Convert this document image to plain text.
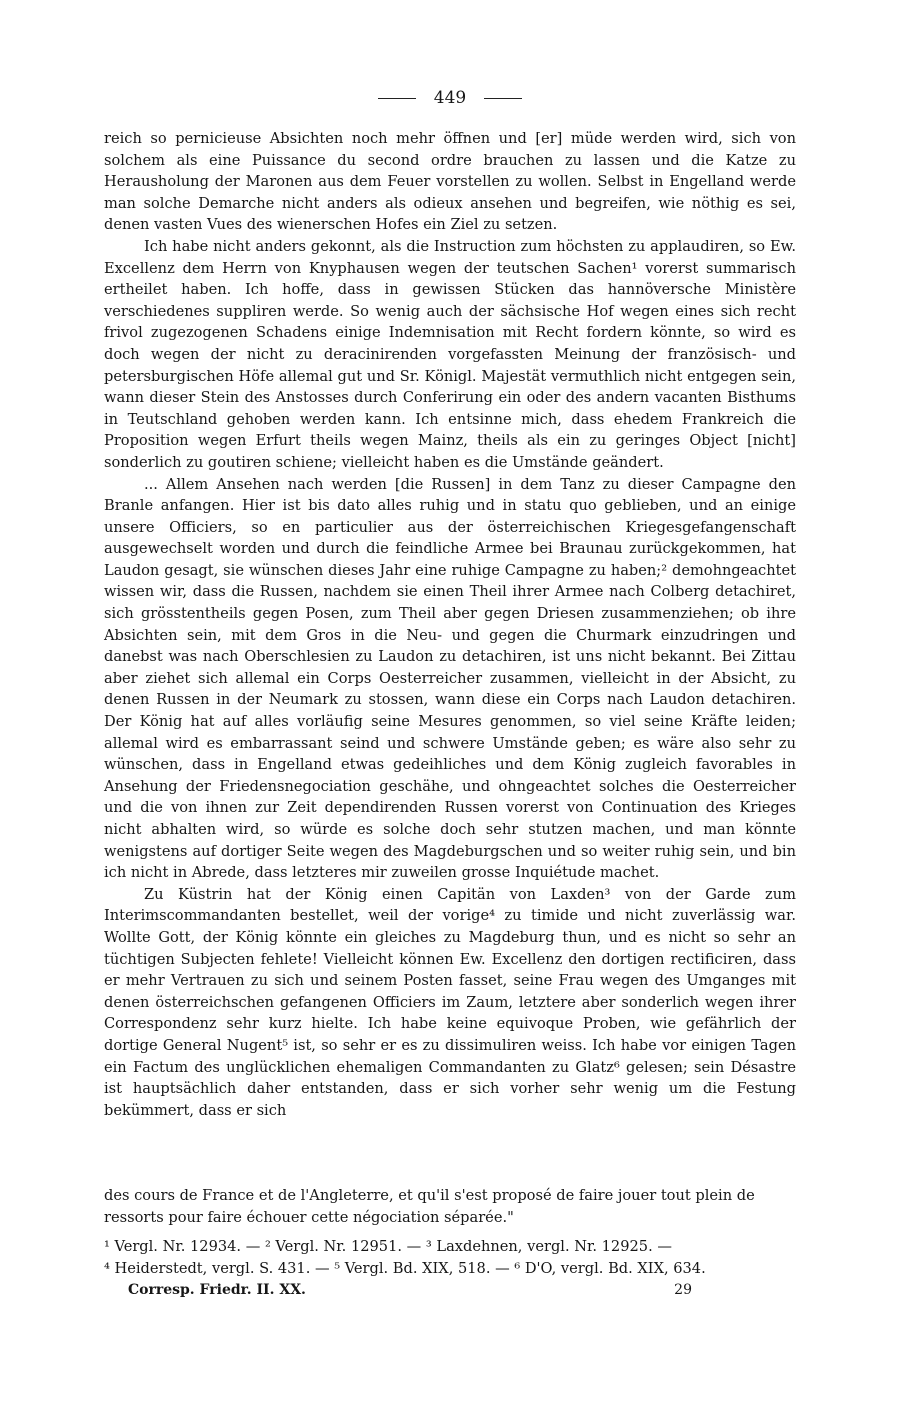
449

reich so pernicieuse Absichten noch mehr öffnen und [er] müde werden wird, sich von solchem als eine Puissance du second ordre brauchen zu lassen und die Katze zu Herausholung der Maronen aus dem Feuer vorstellen zu wollen. Selbst in Engelland werde man solche Demarche nicht anders als odieux ansehen und begreifen, wie nöthig es sei, denen vasten Vues des wienerschen Hofes ein Ziel zu setzen.

Ich habe nicht anders gekonnt, als die Instruction zum höchsten zu applaudiren, so Ew. Excellenz dem Herrn von Knyphausen wegen der teutschen Sachen¹ vorerst summarisch ertheilet haben. Ich hoffe, dass in gewissen Stücken das hannöversche Ministère verschiedenes suppliren werde. So wenig auch der sächsische Hof wegen eines sich recht frivol zugezogenen Schadens einige Indemnisation mit Recht fordern könnte, so wird es doch wegen der nicht zu deracinirenden vorgefassten Meinung der französisch- und petersburgischen Höfe allemal gut und Sr. Königl. Majestät vermuthlich nicht entgegen sein, wann dieser Stein des Anstosses durch Conferirung ein oder des andern vacanten Bisthums in Teutschland gehoben werden kann. Ich entsinne mich, dass ehedem Frankreich die Proposition wegen Erfurt theils wegen Mainz, theils als ein zu geringes Object [nicht] sonderlich zu goutiren schiene; vielleicht haben es die Umstände geändert.

... Allem Ansehen nach werden [die Russen] in dem Tanz zu dieser Campagne den Branle anfangen. Hier ist bis dato alles ruhig und in statu quo geblieben, und an einige unsere Officiers, so en particulier aus der österreichischen Kriegesgefangenschaft ausgewechselt worden und durch die feindliche Armee bei Braunau zurückgekommen, hat Laudon gesagt, sie wünschen dieses Jahr eine ruhige Campagne zu haben;² demohngeachtet wissen wir, dass die Russen, nachdem sie einen Theil ihrer Armee nach Colberg detachiret, sich grösstentheils gegen Posen, zum Theil aber gegen Driesen zusammenziehen; ob ihre Absichten sein, mit dem Gros in die Neu- und gegen die Churmark einzudringen und danebst was nach Oberschlesien zu Laudon zu detachiren, ist uns nicht bekannt. Bei Zittau aber ziehet sich allemal ein Corps Oesterreicher zusammen, vielleicht in der Absicht, zu denen Russen in der Neumark zu stossen, wann diese ein Corps nach Laudon detachiren. Der König hat auf alles vorläufig seine Mesures genommen, so viel seine Kräfte leiden; allemal wird es embarrassant seind und schwere Umstände geben; es wäre also sehr zu wünschen, dass in Engelland etwas gedeihliches und dem König zugleich favorables in Ansehung der Friedensnegociation geschähe, und ohngeachtet solches die Oesterreicher und die von ihnen zur Zeit dependirenden Russen vorerst von Continuation des Krieges nicht abhalten wird, so würde es solche doch sehr stutzen machen, und man könnte wenigstens auf dortiger Seite wegen des Magdeburgschen und so weiter ruhig sein, und bin ich nicht in Abrede, dass letzteres mir zuweilen grosse Inquiétude machet.

Zu Küstrin hat der König einen Capitän von Laxden³ von der Garde zum Interimscommandanten bestellet, weil der vorige⁴ zu timide und nicht zuverlässig war. Wollte Gott, der König könnte ein gleiches zu Magdeburg thun, und es nicht so sehr an tüchtigen Subjecten fehlete! Vielleicht können Ew. Excellenz den dortigen rectificiren, dass er mehr Vertrauen zu sich und seinem Posten fasset, seine Frau wegen des Umganges mit denen österreichschen gefangenen Officiers im Zaum, letztere aber sonderlich wegen ihrer Correspondenz sehr kurz hielte. Ich habe keine equivoque Proben, wie gefährlich der dortige General Nugent⁵ ist, so sehr er es zu dissimuliren weiss. Ich habe vor einigen Tagen ein Factum des unglücklichen ehemaligen Commandanten zu Glatz⁶ gelesen; sein Désastre ist hauptsächlich daher entstanden, dass er sich vorher sehr wenig um die Festung bekümmert, dass er sich

des cours de France et de l'Angleterre, et qu'il s'est proposé de faire jouer tout plein de ressorts pour faire échouer cette négociation séparée."

¹ Vergl. Nr. 12934. — ² Vergl. Nr. 12951. — ³ Laxdehnen, vergl. Nr. 12925. —

⁴ Heiderstedt, vergl. S. 431. — ⁵ Vergl. Bd. XIX, 518. — ⁶ D'O, vergl. Bd. XIX, 634.

Corresp. Friedr. II. XX.	29
